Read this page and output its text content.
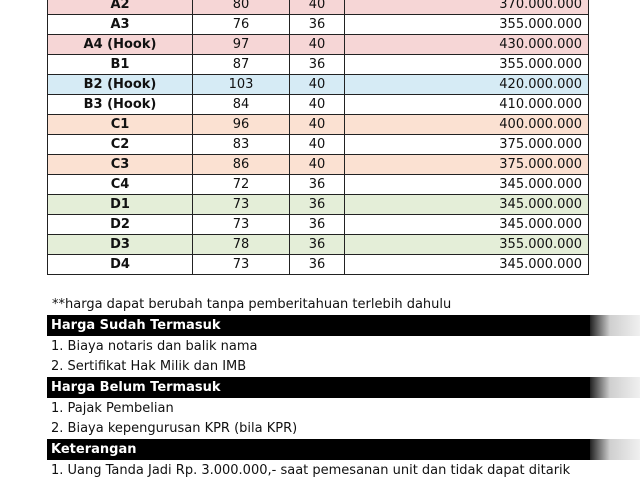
A2	80	40	370.000.000
A3	76	36	355.000.000
A4 (Hook)	97	40	430.000.000
B1	87	36	355.000.000
B2 (Hook)	103	40	420.000.000
B3 (Hook)	84	40	410.000.000
C1	96	40	400.000.000
C2	83	40	375.000.000
C3	86	40	375.000.000
C4	72	36	345.000.000
D1	73	36	345.000.000
D2	73	36	345.000.000
D3	78	36	355.000.000
D4	73	36	345.000.000
**harga dapat berubah tanpa pemberitahuan terlebih dahulu
Harga Sudah Termasuk
1. Biaya notaris dan balik nama
2. Sertifikat Hak Milik dan IMB
Harga Belum Termasuk
1. Pajak Pembelian
2. Biaya kepengurusan KPR (bila KPR)
Keterangan
1. Uang Tanda Jadi Rp. 3.000.000,- saat pemesanan unit dan tidak dapat ditarik
